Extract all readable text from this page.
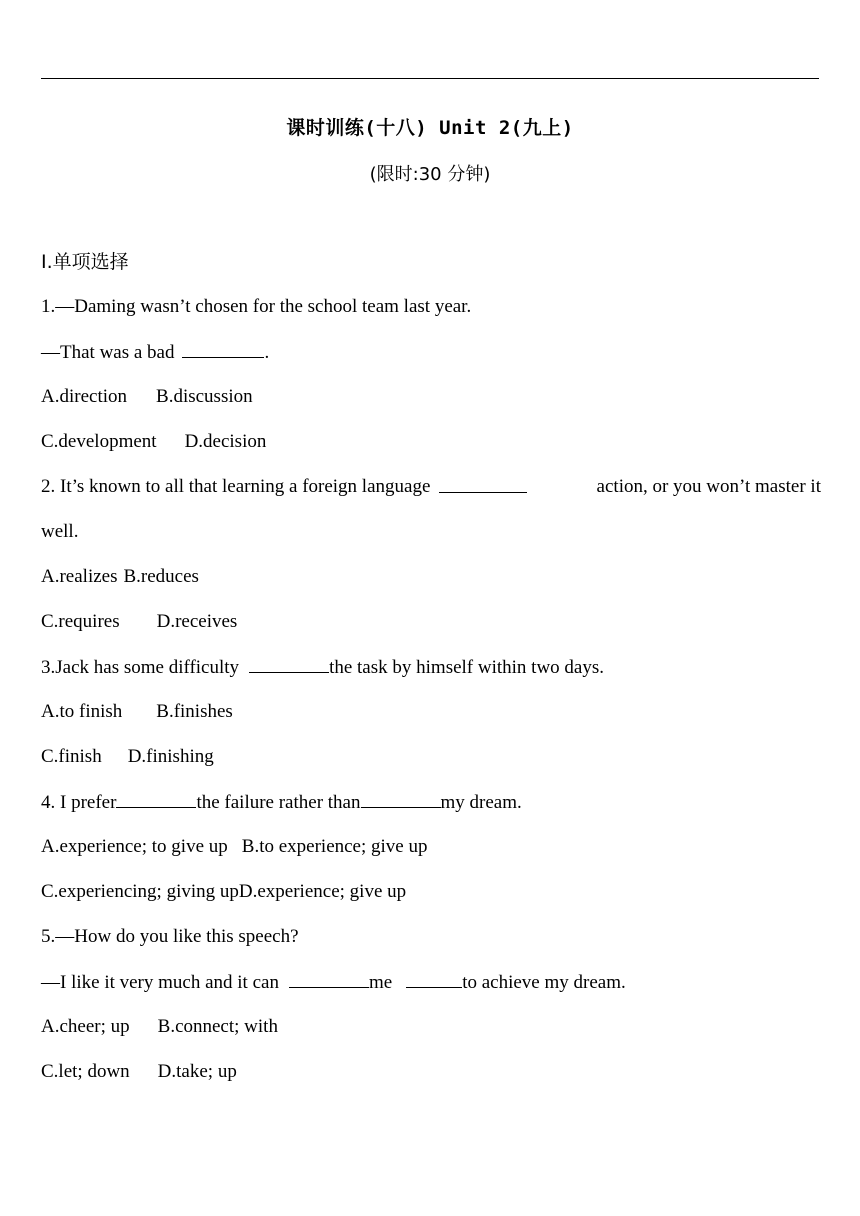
课时训练(十八) Unit 2(九上)
(限时:30 分钟)
Ⅰ.单项选择
1.—Daming wasn’t chosen for the school team last year.
—That was a bad	.
A.direction B.discussion
C.development D.decision
2. It’s known to all that learning a foreign language	action, or you won’t master it
well.
A.realizes B.reduces
C.requires D.receives
3.Jack has some difficulty	the task by himself within two days.
A.to finish B.finishes
C.finish D.finishing
4. I prefer	the failure rather than	my dream.
A.experience; to give up B.to experience; give up
C.experiencing; giving upD.experience; give up
5.—How do you like this speech?
—I like it very much and it can	me	to achieve my dream.
A.cheer; up B.connect; with
C.let; down D.take; up
